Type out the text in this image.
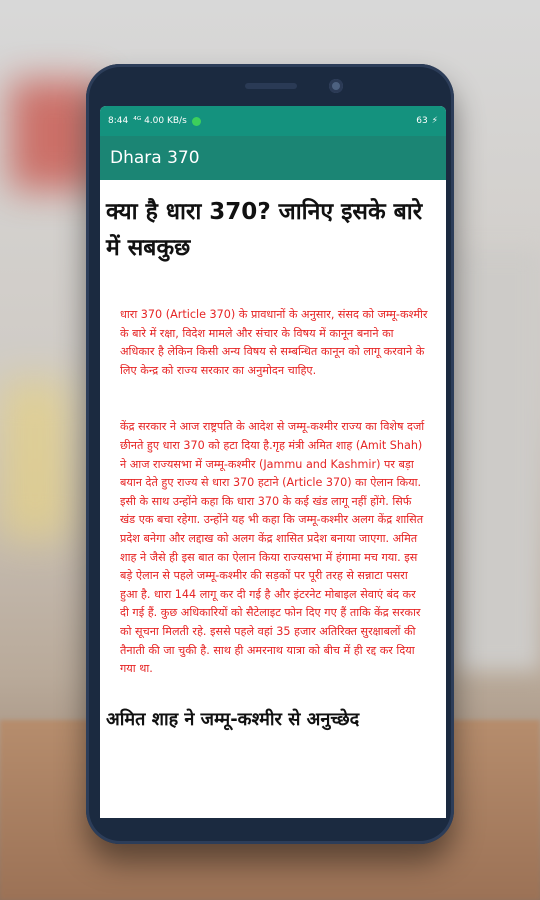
8:44 ⁴ᴳ 4.00 KB/s	63 ⚡
Dhara 370
क्या है धारा 370? जानिए इसके बारे में सबकुछ
धारा 370 (Article 370) के प्रावधानों के अनुसार, संसद को जम्मू-कश्मीर के बारे में रक्षा, विदेश मामले और संचार के विषय में कानून बनाने का अधिकार है लेकिन किसी अन्य विषय से सम्बन्धित कानून को लागू करवाने के लिए केन्द्र को राज्य सरकार का अनुमोदन चाहिए.
केंद्र सरकार ने आज राष्ट्रपति के आदेश से जम्मू-कश्मीर राज्य का विशेष दर्जा छीनते हुए धारा 370 को हटा दिया है.गृह मंत्री अमित शाह (Amit Shah) ने आज राज्यसभा में जम्मू-कश्मीर (Jammu and Kashmir) पर बड़ा बयान देते हुए राज्य से धारा 370 हटाने (Article 370) का ऐलान किया. इसी के साथ उन्होंने कहा कि धारा 370 के कई खंड लागू नहीं होंगे. सिर्फ खंड एक बचा रहेगा. उन्होंने यह भी कहा कि जम्मू-कश्मीर अलग केंद्र शासित प्रदेश बनेगा और लद्दाख को अलग केंद्र शासित प्रदेश बनाया जाएगा. अमित शाह ने जैसे ही इस बात का ऐलान किया राज्यसभा में हंगामा मच गया. इस बड़े ऐलान से पहले जम्मू-कश्मीर की सड़कों पर पूरी तरह से सन्नाटा पसरा हुआ है. धारा 144 लागू कर दी गई है और इंटरनेट मोबाइल सेवाएं बंद कर दी गई हैं. कुछ अधिकारियों को सैटेलाइट फोन दिए गए हैं ताकि केंद्र सरकार को सूचना मिलती रहे. इससे पहले वहां 35 हजार अतिरिक्त सुरक्षाबलों की तैनाती की जा चुकी है. साथ ही अमरनाथ यात्रा को बीच में ही रद्द कर दिया गया था.
अमित शाह ने जम्मू-कश्मीर से अनुच्छेद
